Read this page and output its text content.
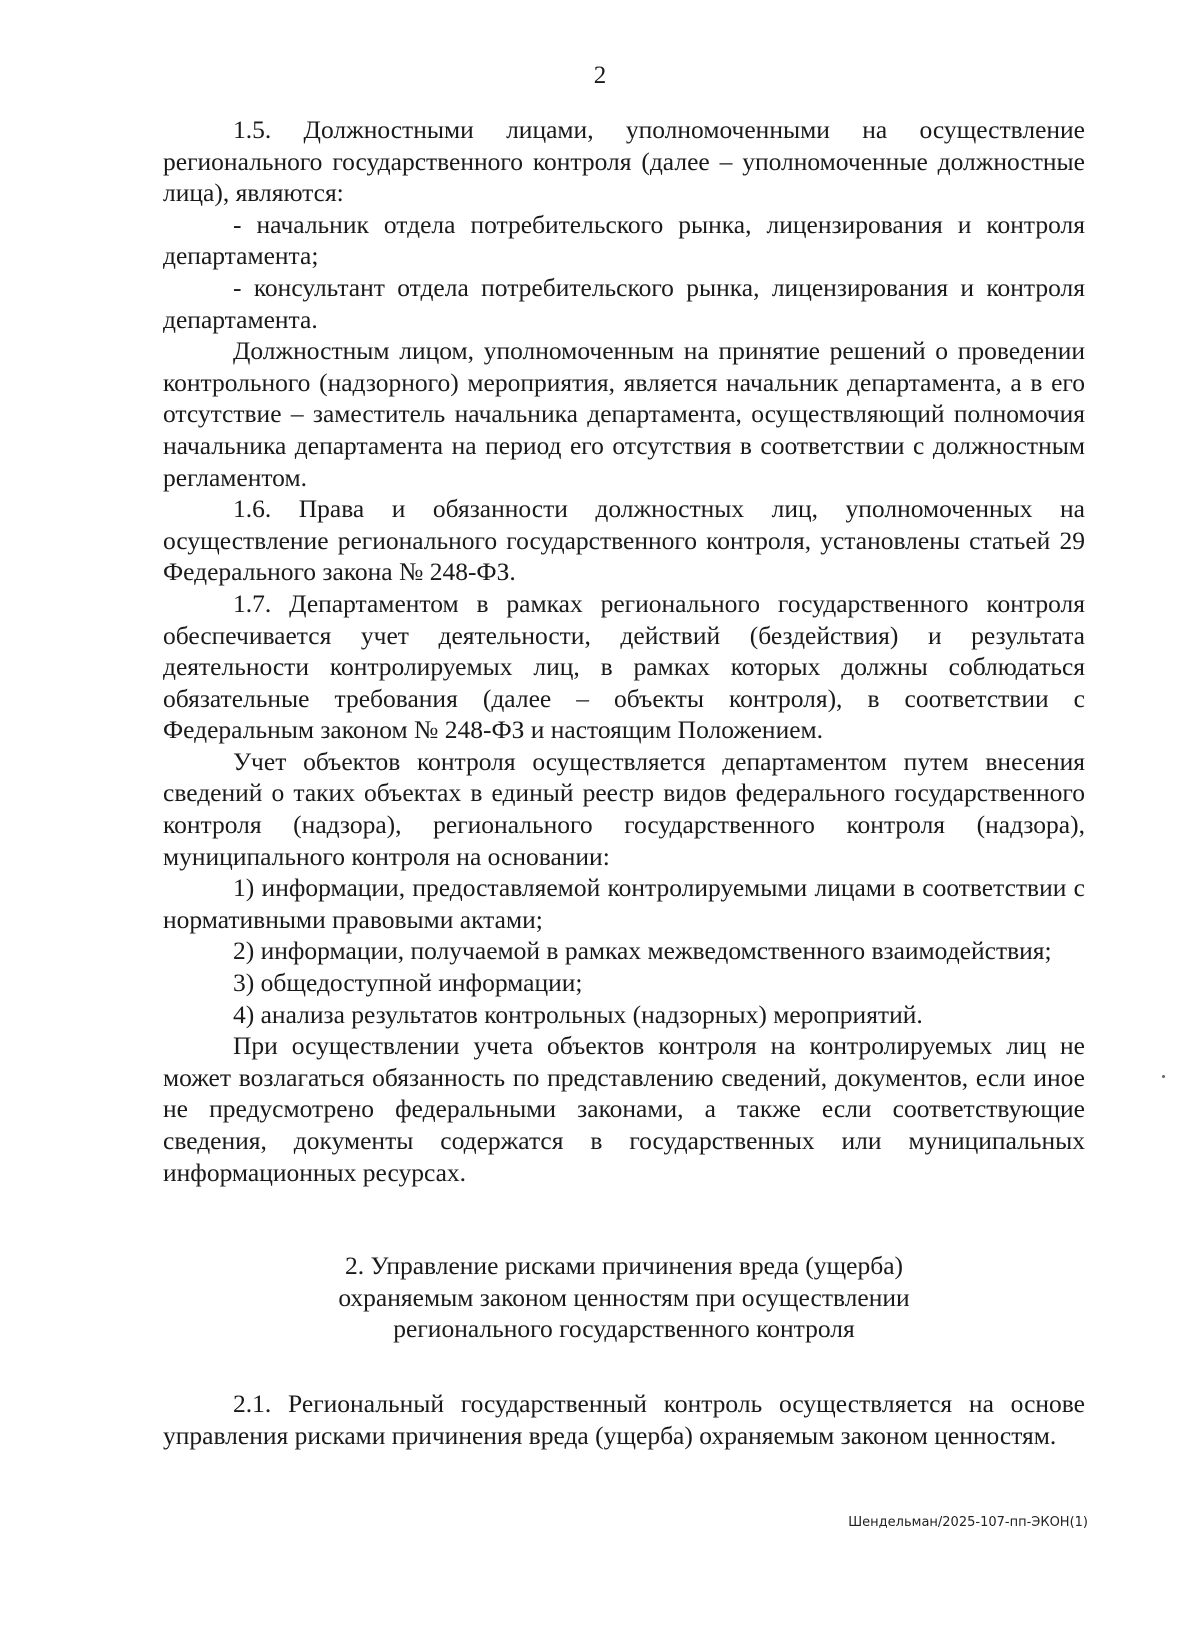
2

1.5. Должностными лицами, уполномоченными на осуществление регионального государственного контроля (далее – уполномоченные должностные лица), являются:

- начальник отдела потребительского рынка, лицензирования и контроля департамента;

- консультант отдела потребительского рынка, лицензирования и контроля департамента.

Должностным лицом, уполномоченным на принятие решений о проведении контрольного (надзорного) мероприятия, является начальник департамента, а в его отсутствие – заместитель начальника департамента, осуществляющий полномочия начальника департамента на период его отсутствия в соответствии с должностным регламентом.

1.6. Права и обязанности должностных лиц, уполномоченных на осуществление регионального государственного контроля, установлены статьей 29 Федерального закона № 248-ФЗ.

1.7. Департаментом в рамках регионального государственного контроля обеспечивается учет деятельности, действий (бездействия) и результата деятельности контролируемых лиц, в рамках которых должны соблюдаться обязательные требования (далее – объекты контроля), в соответствии с Федеральным законом № 248-ФЗ и настоящим Положением.

Учет объектов контроля осуществляется департаментом путем внесения сведений о таких объектах в единый реестр видов федерального государственного контроля (надзора), регионального государственного контроля (надзора), муниципального контроля на основании:

1) информации, предоставляемой контролируемыми лицами в соответствии с нормативными правовыми актами;

2) информации, получаемой в рамках межведомственного взаимодействия;

3) общедоступной информации;

4) анализа результатов контрольных (надзорных) мероприятий.

При осуществлении учета объектов контроля на контролируемых лиц не может возлагаться обязанность по представлению сведений, документов, если иное не предусмотрено федеральными законами, а также если соответствующие сведения, документы содержатся в государственных или муниципальных информационных ресурсах.

2. Управление рисками причинения вреда (ущерба)
охраняемым законом ценностям при осуществлении
регионального государственного контроля

2.1. Региональный государственный контроль осуществляется на основе управления рисками причинения вреда (ущерба) охраняемым законом ценностям.

Шендельман/2025-107-пп-ЭКОН(1)
